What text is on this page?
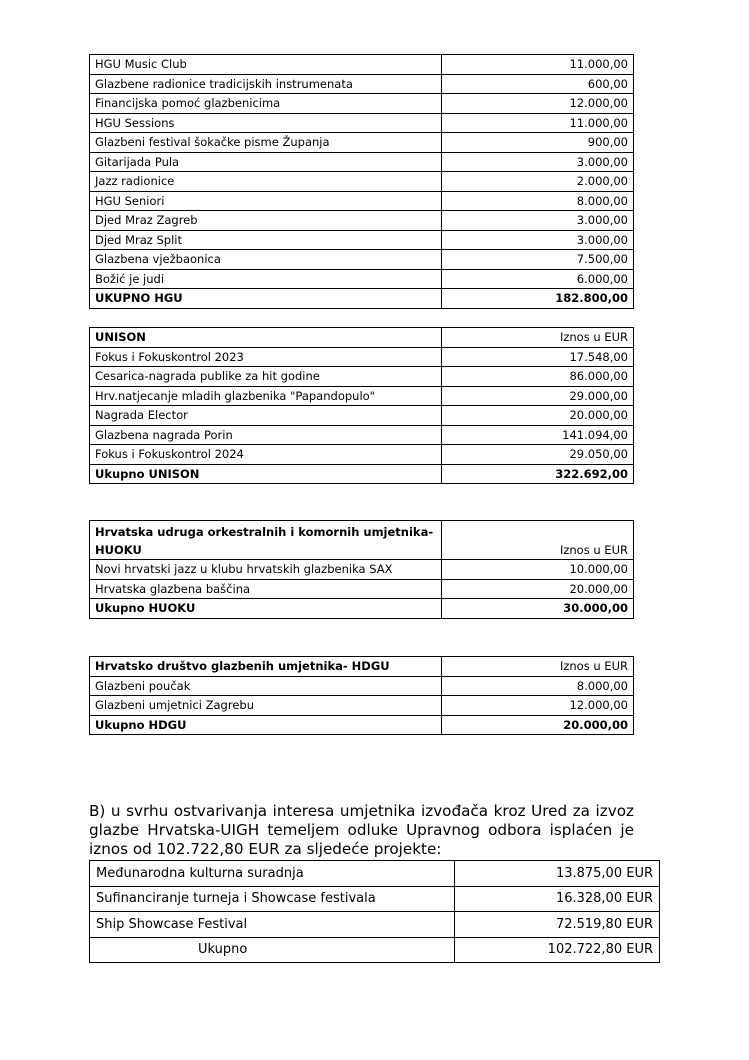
HGU Music Club	11.000,00
Glazbene radionice tradicijskih instrumenata	600,00
Financijska pomoć glazbenicima	12.000,00
HGU Sessions	11.000,00
Glazbeni festival šokačke pisme Županja	900,00
Gitarijada Pula	3.000,00
Jazz radionice	2.000,00
HGU Seniori	8.000,00
Djed Mraz Zagreb	3.000,00
Djed Mraz Split	3.000,00
Glazbena vježbaonica	7.500,00
Božić je judi	6.000,00
UKUPNO HGU	182.800,00
UNISON	Iznos u EUR
Fokus i Fokuskontrol 2023	17.548,00
Cesarica-nagrada publike za hit godine	86.000,00
Hrv.natjecanje mladih glazbenika "Papandopulo"	29.000,00
Nagrada Elector	20.000,00
Glazbena nagrada Porin	141.094,00
Fokus i Fokuskontrol 2024	29.050,00
Ukupno UNISON	322.692,00
Hrvatska udruga orkestralnih i komornih umjetnika-HUOKU	Iznos u EUR
Novi hrvatski jazz u klubu hrvatskih glazbenika SAX	10.000,00
Hrvatska glazbena baščina	20.000,00
Ukupno HUOKU	30.000,00
Hrvatsko društvo glazbenih umjetnika- HDGU	Iznos u EUR
Glazbeni poučak	8.000,00
Glazbeni umjetnici Zagrebu	12.000,00
Ukupno HDGU	20.000,00

B) u svrhu ostvarivanja interesa umjetnika izvođača kroz Ured za izvoz glazbe Hrvatska-UIGH temeljem odluke Upravnog odbora isplaćen je iznos od 102.722,80 EUR za sljedeće projekte:

Međunarodna kulturna suradnja	13.875,00 EUR
Sufinanciranje turneja i Showcase festivala	16.328,00 EUR
Ship Showcase Festival	72.519,80 EUR
Ukupno	102.722,80 EUR
